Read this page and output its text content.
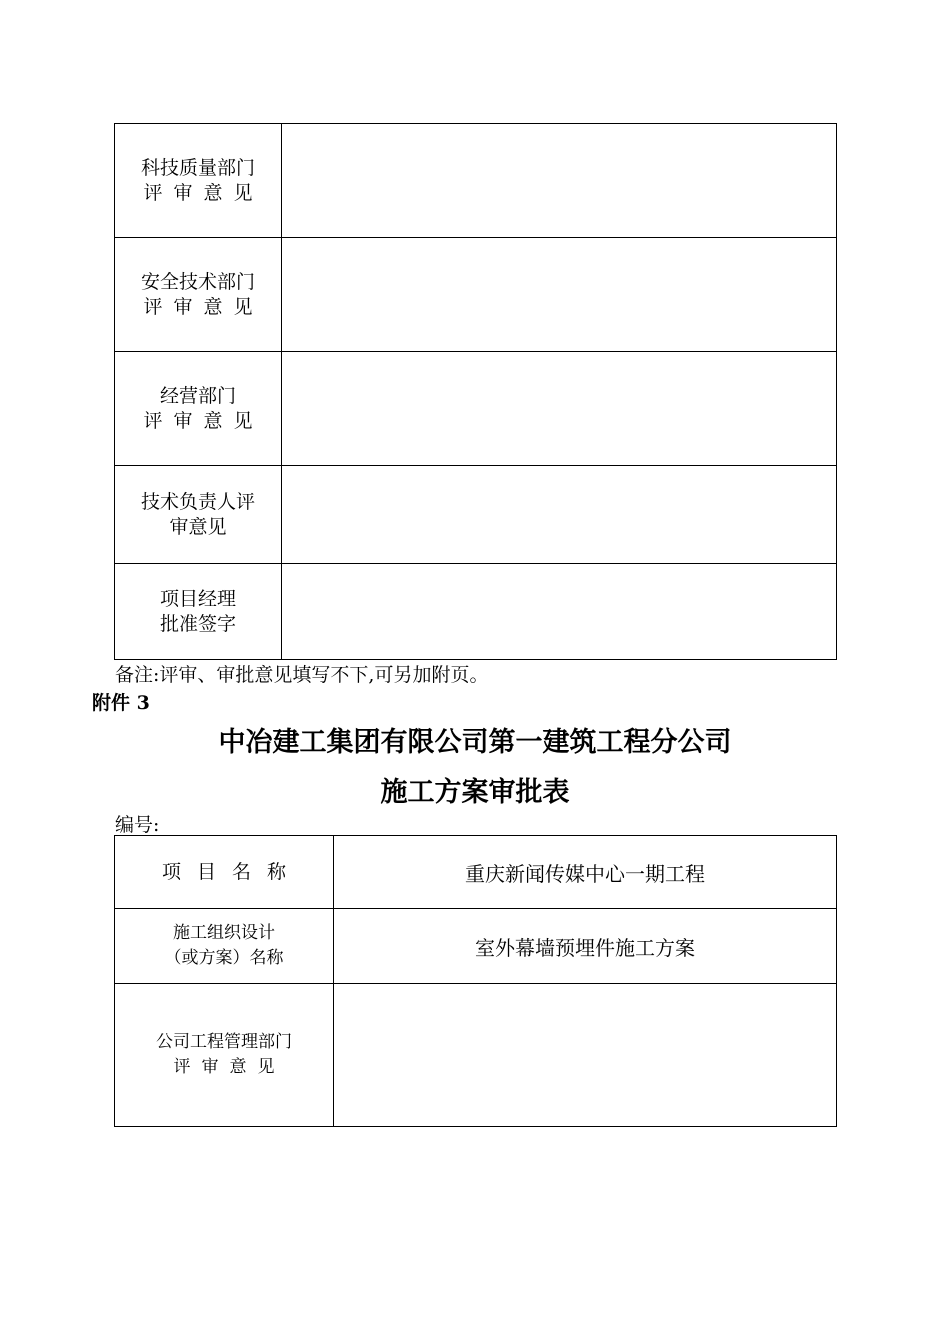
科技质量部门
评审意见	

安全技术部门
评审意见	

经营部门
评审意见	

技术负责人评
审意见	

项目经理
批准签字	

备注:评审、审批意见填写不下,可另加附页。
附件 3
中冶建工集团有限公司第一建筑工程分公司
施工方案审批表
编号:
项目名称	重庆新闻传媒中心一期工程

施工组织设计
（或方案）名称	室外幕墙预埋件施工方案

公司工程管理部门
评审意见	
